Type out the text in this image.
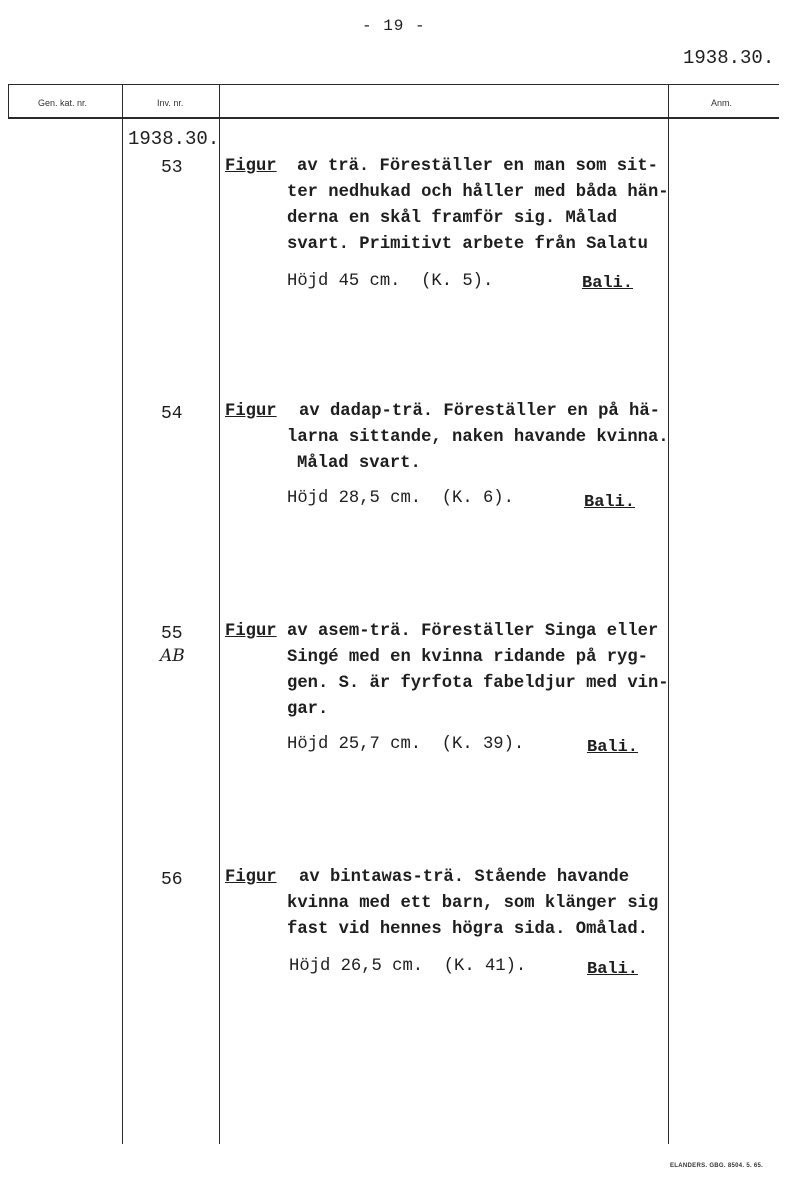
- 19 -
1938.30.
Gen. kat. nr.	Inv. nr.	Anm.
1938.30.
53 Figur av trä. Föreställer en man som sit-
ter nedhukad och håller med båda hän-
derna en skål framför sig. Målad
svart. Primitivt arbete från Salatu
Höjd 45 cm.  (K. 5).	Bali.
54 Figur av dadap-trä. Föreställer en på hä-
larna sittande, naken havande kvinna.
Målad svart.
Höjd 28,5 cm.  (K. 6).	Bali.
55
AB
Figur av asem-trä. Föreställer Singa eller
Singé med en kvinna ridande på ryg-
gen. S. är fyrfota fabeldjur med vin-
gar.
Höjd 25,7 cm.  (K. 39).	Bali.
56 Figur av bintawas-trä. Stående havande
kvinna med ett barn, som klänger sig
fast vid hennes högra sida. Omålad.
Höjd 26,5 cm.  (K. 41).	Bali.
ELANDERS. GBG. 8504. 5. 65.
